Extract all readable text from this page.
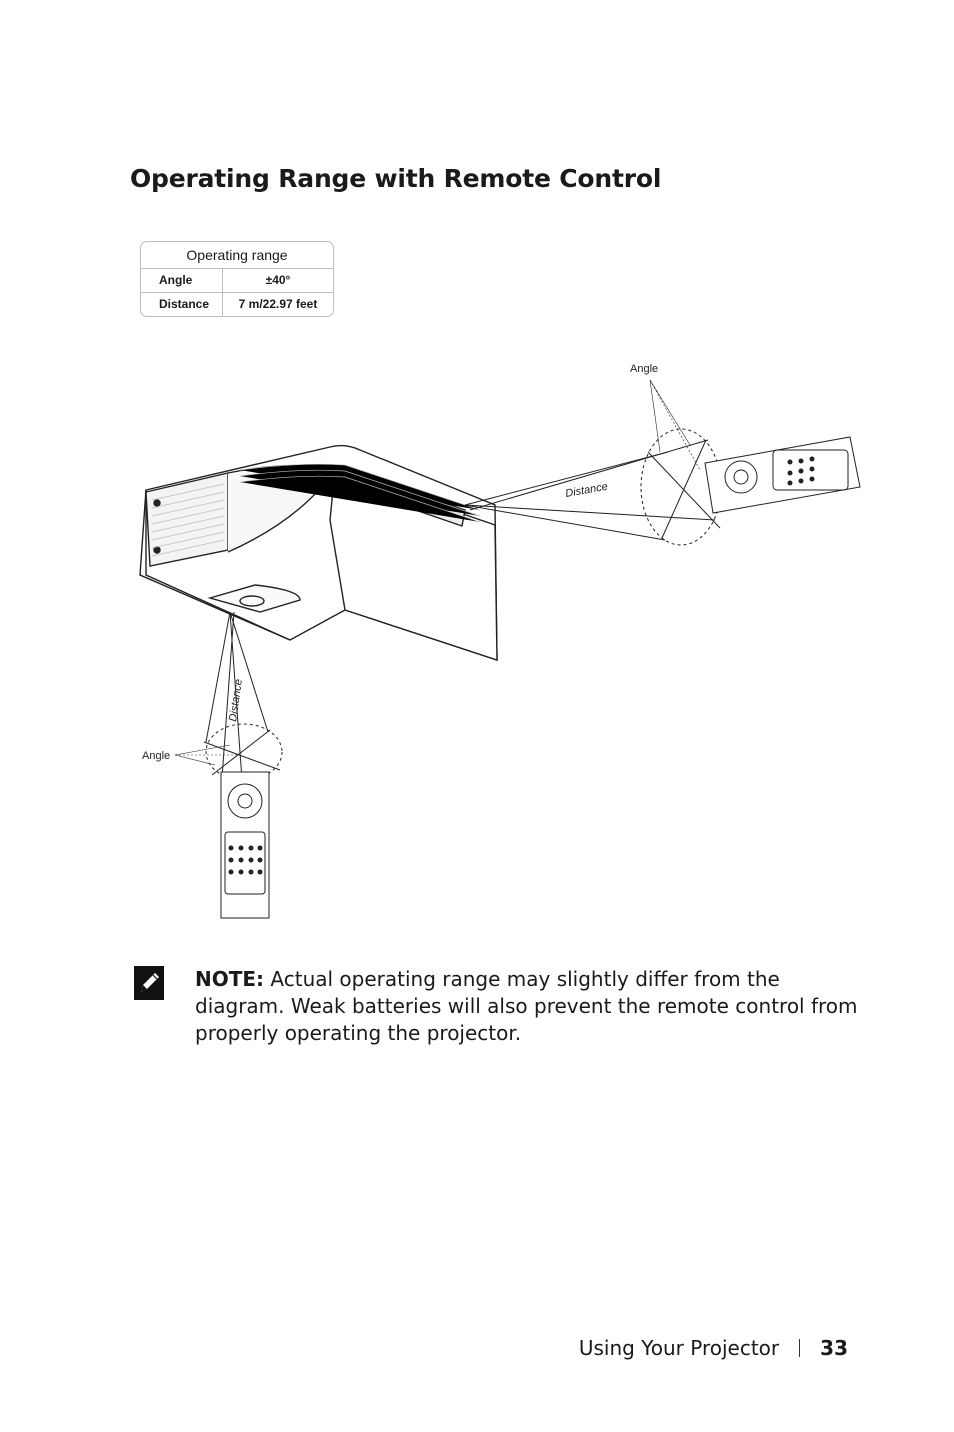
Operating Range with Remote Control
Operating range
Angle	±40°
Distance	7 m/22.97 feet
Angle
Distance
Angle
Distance

NOTE: Actual operating range may slightly differ from the diagram. Weak batteries will also prevent the remote control from properly operating the projector.

Using Your Projector 33
